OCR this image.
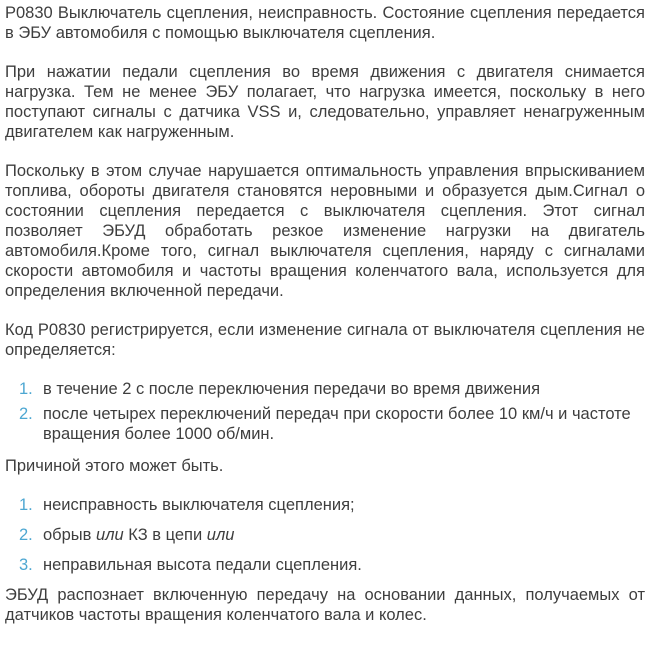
P0830 Выключатель сцепления, неисправность. Состояние сцепления передается в ЭБУ автомобиля с помощью выключателя сцепления.

При нажатии педали сцепления во время движения с двигателя снимается нагрузка. Тем не менее ЭБУ полагает, что нагрузка имеется, поскольку в него поступают сигналы с датчика VSS и, следовательно, управляет ненагруженным двигателем как нагруженным.

Поскольку в этом случае нарушается оптимальность управления впрыскиванием топлива, обороты двигателя становятся неровными и образуется дым.Сигнал о состоянии сцепления передается с выключателя сцепления. Этот сигнал позволяет ЭБУД обработать резкое изменение нагрузки на двигатель автомобиля.Кроме того, сигнал выключателя сцепления, наряду с сигналами скорости автомобиля и частоты вращения коленчатого вала, используется для определения включенной передачи.

Код P0830 регистрируется, если изменение сигнала от выключателя сцепления не определяется:

1. в течение 2 с после переключения передачи во время движения
2. после четырех переключений передач при скорости более 10 км/ч и частоте вращения более 1000 об/мин.

Причиной этого может быть.

1. неисправность выключателя сцепления;
2. обрыв или КЗ в цепи или
3. неправильная высота педали сцепления.

ЭБУД распознает включенную передачу на основании данных, получаемых от датчиков частоты вращения коленчатого вала и колес.
